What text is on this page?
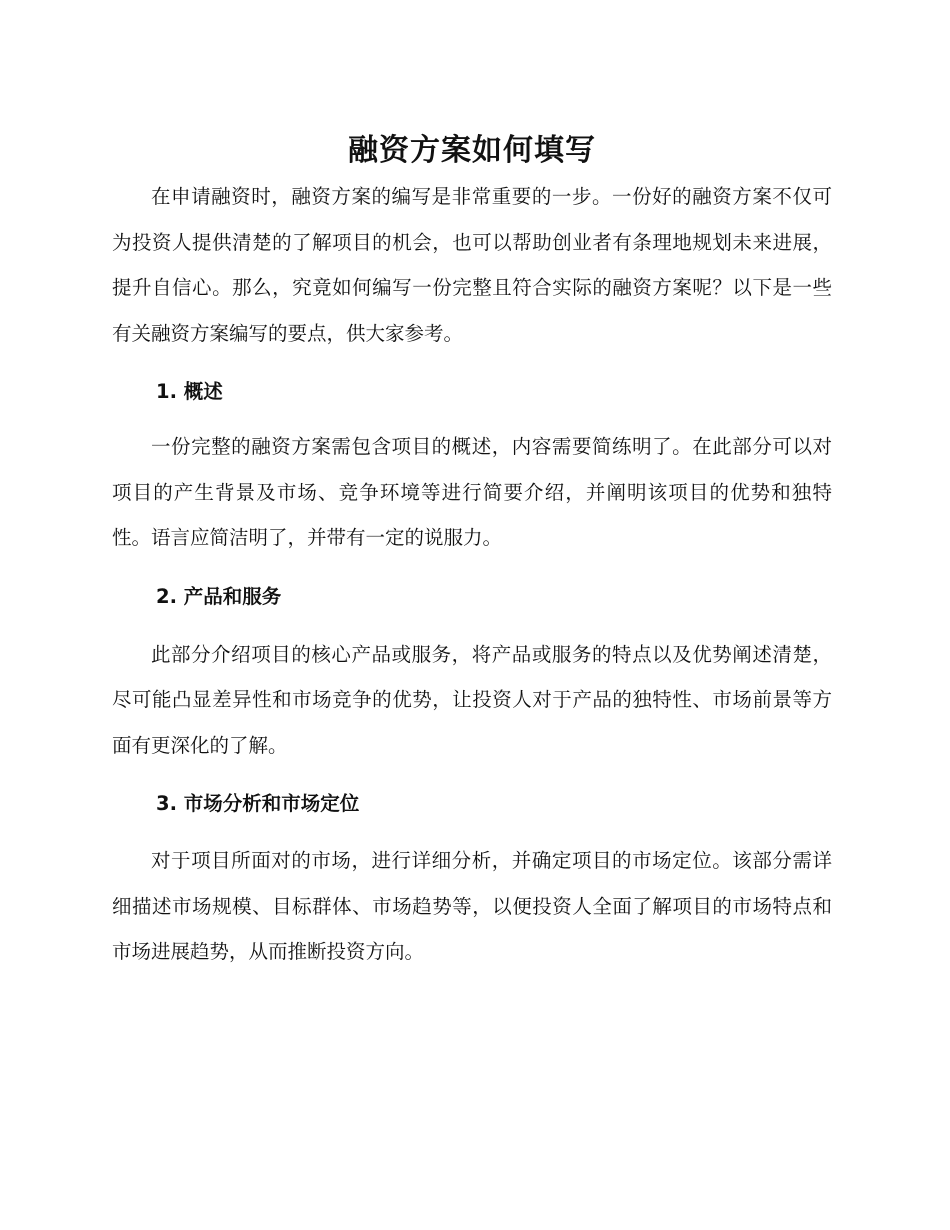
融资方案如何填写

在申请融资时，融资方案的编写是非常重要的一步。一份好的融资方案不仅可为投资人提供清楚的了解项目的机会，也可以帮助创业者有条理地规划未来进展，提升自信心。那么，究竟如何编写一份完整且符合实际的融资方案呢？以下是一些有关融资方案编写的要点，供大家参考。

1. 概述

一份完整的融资方案需包含项目的概述，内容需要简练明了。在此部分可以对项目的产生背景及市场、竞争环境等进行简要介绍，并阐明该项目的优势和独特性。语言应简洁明了，并带有一定的说服力。

2. 产品和服务

此部分介绍项目的核心产品或服务，将产品或服务的特点以及优势阐述清楚，尽可能凸显差异性和市场竞争的优势，让投资人对于产品的独特性、市场前景等方面有更深化的了解。

3. 市场分析和市场定位

对于项目所面对的市场，进行详细分析，并确定项目的市场定位。该部分需详细描述市场规模、目标群体、市场趋势等，以便投资人全面了解项目的市场特点和市场进展趋势，从而推断投资方向。
